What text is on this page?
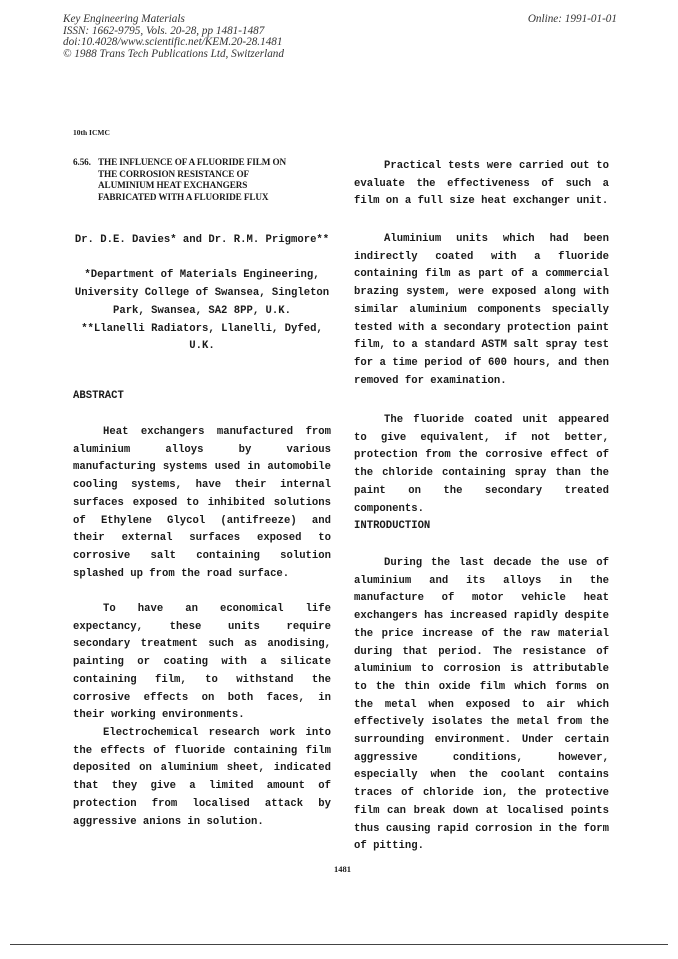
Key Engineering Materials
ISSN: 1662-9795, Vols. 20-28, pp 1481-1487
doi:10.4028/www.scientific.net/KEM.20-28.1481
© 1988 Trans Tech Publications Ltd, Switzerland
Online: 1991-01-01
10th ICMC
6.56. THE INFLUENCE OF A FLUORIDE FILM ON
THE CORROSION RESISTANCE OF
ALUMINIUM HEAT EXCHANGERS
FABRICATED WITH A FLUORIDE FLUX

Dr. D.E. Davies* and Dr. R.M. Prigmore**

*Department of Materials Engineering,
University College of Swansea, Singleton
Park, Swansea, SA2 8PP, U.K.
**Llanelli Radiators, Llanelli, Dyfed,
U.K.
ABSTRACT
Heat exchangers manufactured from aluminium alloys by various manufacturing systems used in automobile cooling systems, have their internal surfaces exposed to inhibited solutions of Ethylene Glycol (antifreeze) and their external surfaces exposed to corrosive salt containing solution splashed up from the road surface.
To have an economical life expectancy, these units require secondary treatment such as anodising, painting or coating with a silicate containing film, to withstand the corrosive effects on both faces, in their working environments.
Electrochemical research work into the effects of fluoride containing film deposited on aluminium sheet, indicated that they give a limited amount of protection from localised attack by aggressive anions in solution.
Practical tests were carried out to evaluate the effectiveness of such a film on a full size heat exchanger unit.
Aluminium units which had been indirectly coated with a fluoride containing film as part of a commercial brazing system, were exposed along with similar aluminium components specially tested with a secondary protection paint film, to a standard ASTM salt spray test for a time period of 600 hours, and then removed for examination.
The fluoride coated unit appeared to give equivalent, if not better, protection from the corrosive effect of the chloride containing spray than the paint on the secondary treated components.
INTRODUCTION
During the last decade the use of aluminium and its alloys in the manufacture of motor vehicle heat exchangers has increased rapidly despite the price increase of the raw material during that period. The resistance of aluminium to corrosion is attributable to the thin oxide film which forms on the metal when exposed to air which effectively isolates the metal from the surrounding environment. Under certain aggressive conditions, however, especially when the coolant contains traces of chloride ion, the protective film can break down at localised points thus causing rapid corrosion in the form of pitting.
1481
